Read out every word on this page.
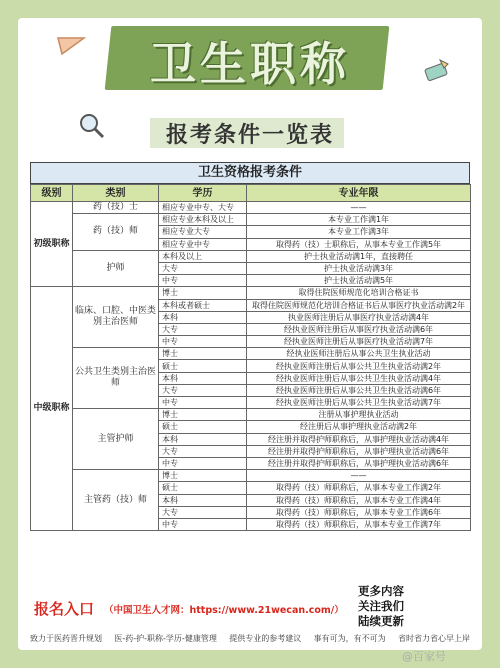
卫生职称
报考条件一览表
卫生资格报考条件
级别	类别	学历	专业年限
初级职称	药（技）士	相应专业中专、大专	——
	药（技）师	相应专业本科及以上	本专业工作满1年
		相应专业大专	本专业工作满3年
		相应专业中专	取得药（技）士职称后，从事本专业工作满5年
	护师	本科及以上	护士执业活动满1年，直接聘任
		大专	护士执业活动满3年
		中专	护士执业活动满5年
中级职称	临床、口腔、中医类别主治医师	博士	取得住院医师规范化培训合格证书
		本科或者硕士	取得住院医师规范化培训合格证书后从事医疗执业活动满2年
		本科	执业医师注册后从事医疗执业活动满4年
		大专	经执业医师注册后从事医疗执业活动满6年
		中专	经执业医师注册后从事医疗执业活动满7年
	公共卫生类别主治医师	博士	经执业医师注册后从事公共卫生执业活动
		硕士	经执业医师注册后从事公共卫生执业活动满2年
		本科	经执业医师注册后从事公共卫生执业活动满4年
		大专	经执业医师注册后从事公共卫生执业活动满6年
		中专	经执业医师注册后从事公共卫生执业活动满7年
	主管护师	博士	注册从事护理执业活动
		硕士	经注册后从事护理执业活动满2年
		本科	经注册并取得护师职称后，从事护理执业活动满4年
		大专	经注册并取得护师职称后，从事护理执业活动满6年
		中专	经注册并取得护师职称后，从事护理执业活动满6年
	主管药（技）师	博士	——
		硕士	取得药（技）师职称后，从事本专业工作满2年
		本科	取得药（技）师职称后，从事本专业工作满4年
		大专	取得药（技）师职称后，从事本专业工作满6年
		中专	取得药（技）师职称后，从事本专业工作满7年
报名入口 （中国卫生人才网：https://www.21wecan.com/）
更多内容
关注我们
陆续更新
致力于医药晋升规划 医-药-护-职称-学历-健康管理 提供专业的参考建议 事有可为，有不可为 省时省力省心早上岸
@百家号
